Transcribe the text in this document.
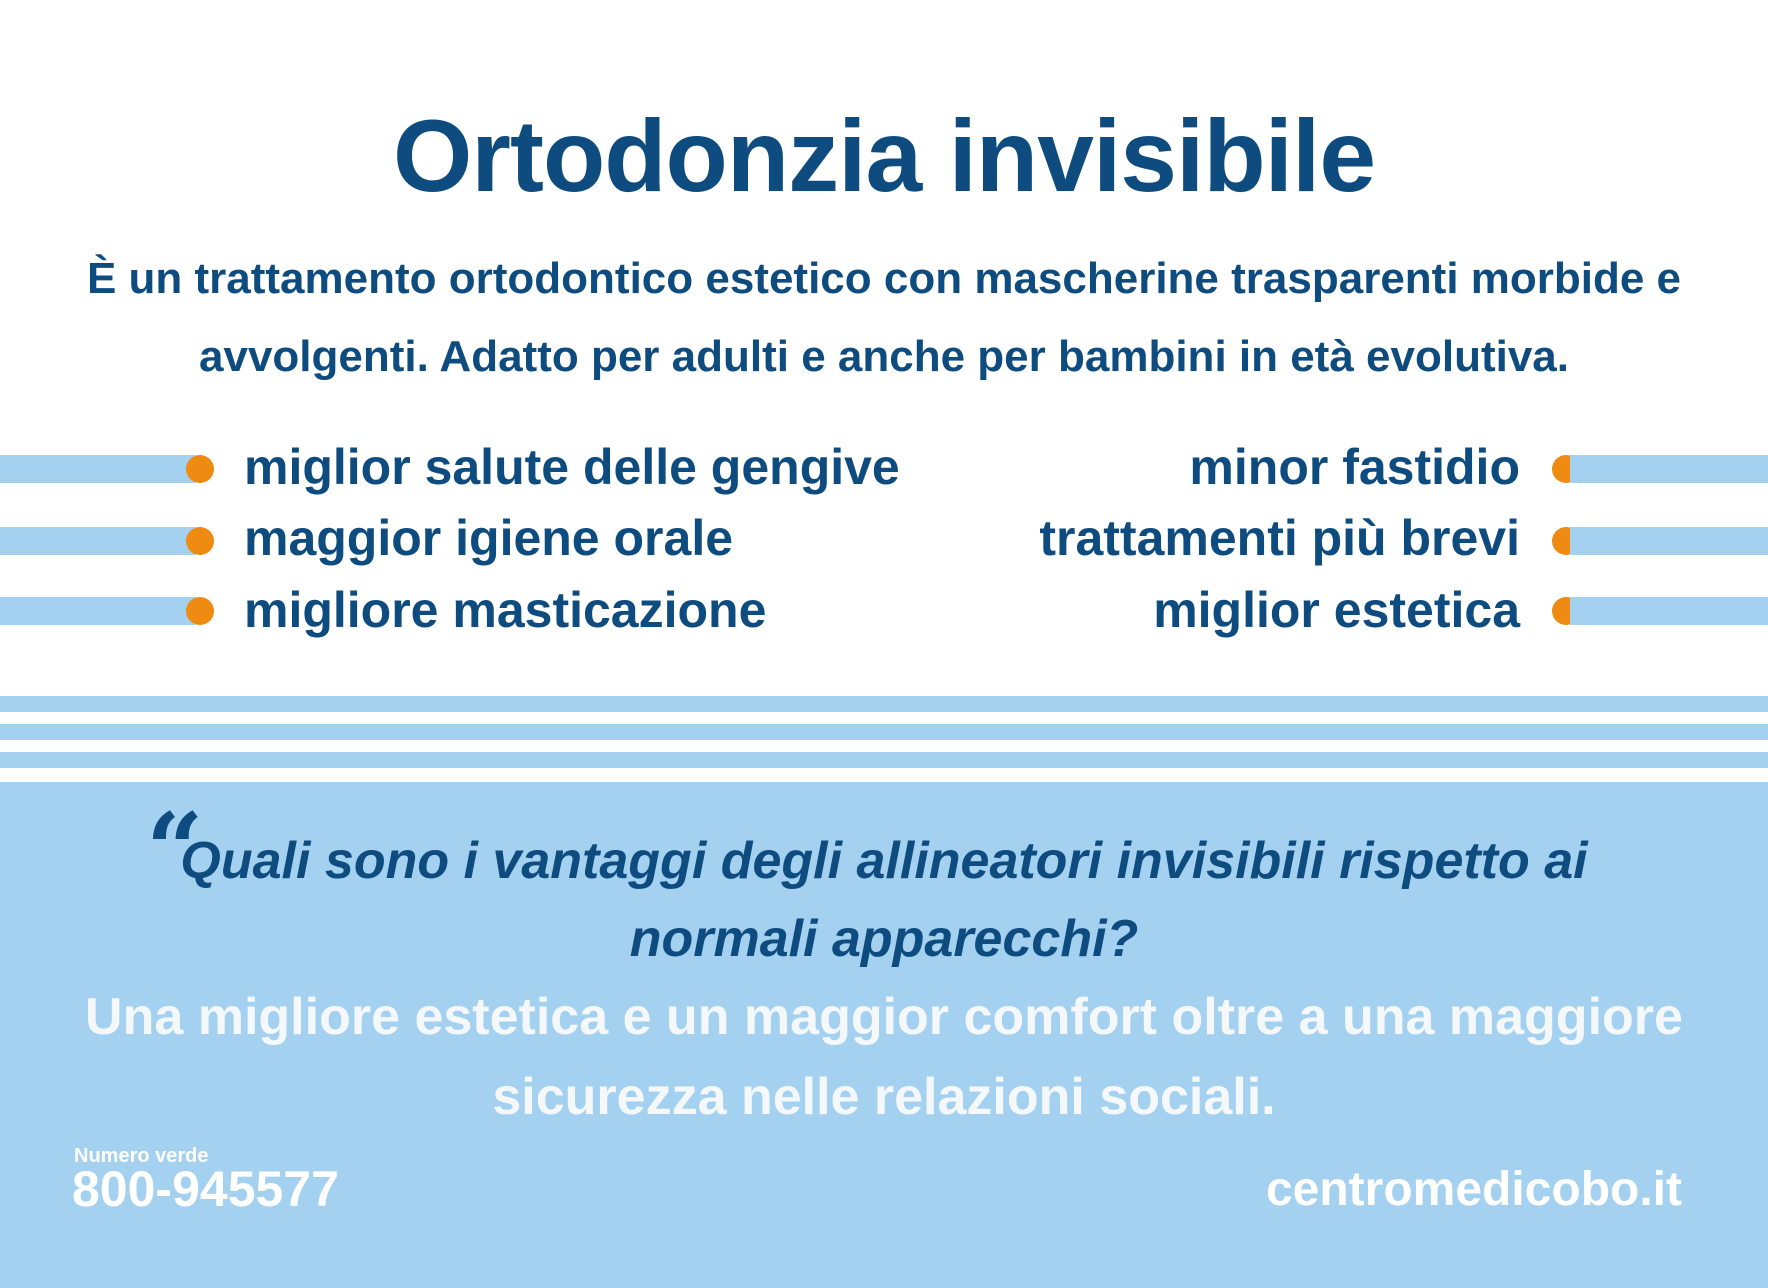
Ortodonzia invisibile
È un trattamento ortodontico estetico con mascherine trasparenti morbide e avvolgenti. Adatto per adulti e anche per bambini in età evolutiva.
miglior salute delle gengive
maggior igiene orale
migliore masticazione
minor fastidio
trattamenti più brevi
miglior estetica
“
Quali sono i vantaggi degli allineatori invisibili rispetto ai normali apparecchi?
Una migliore estetica e un maggior comfort oltre a una maggiore sicurezza nelle relazioni sociali.
Numero verde
800-945577	centromedicobo.it
